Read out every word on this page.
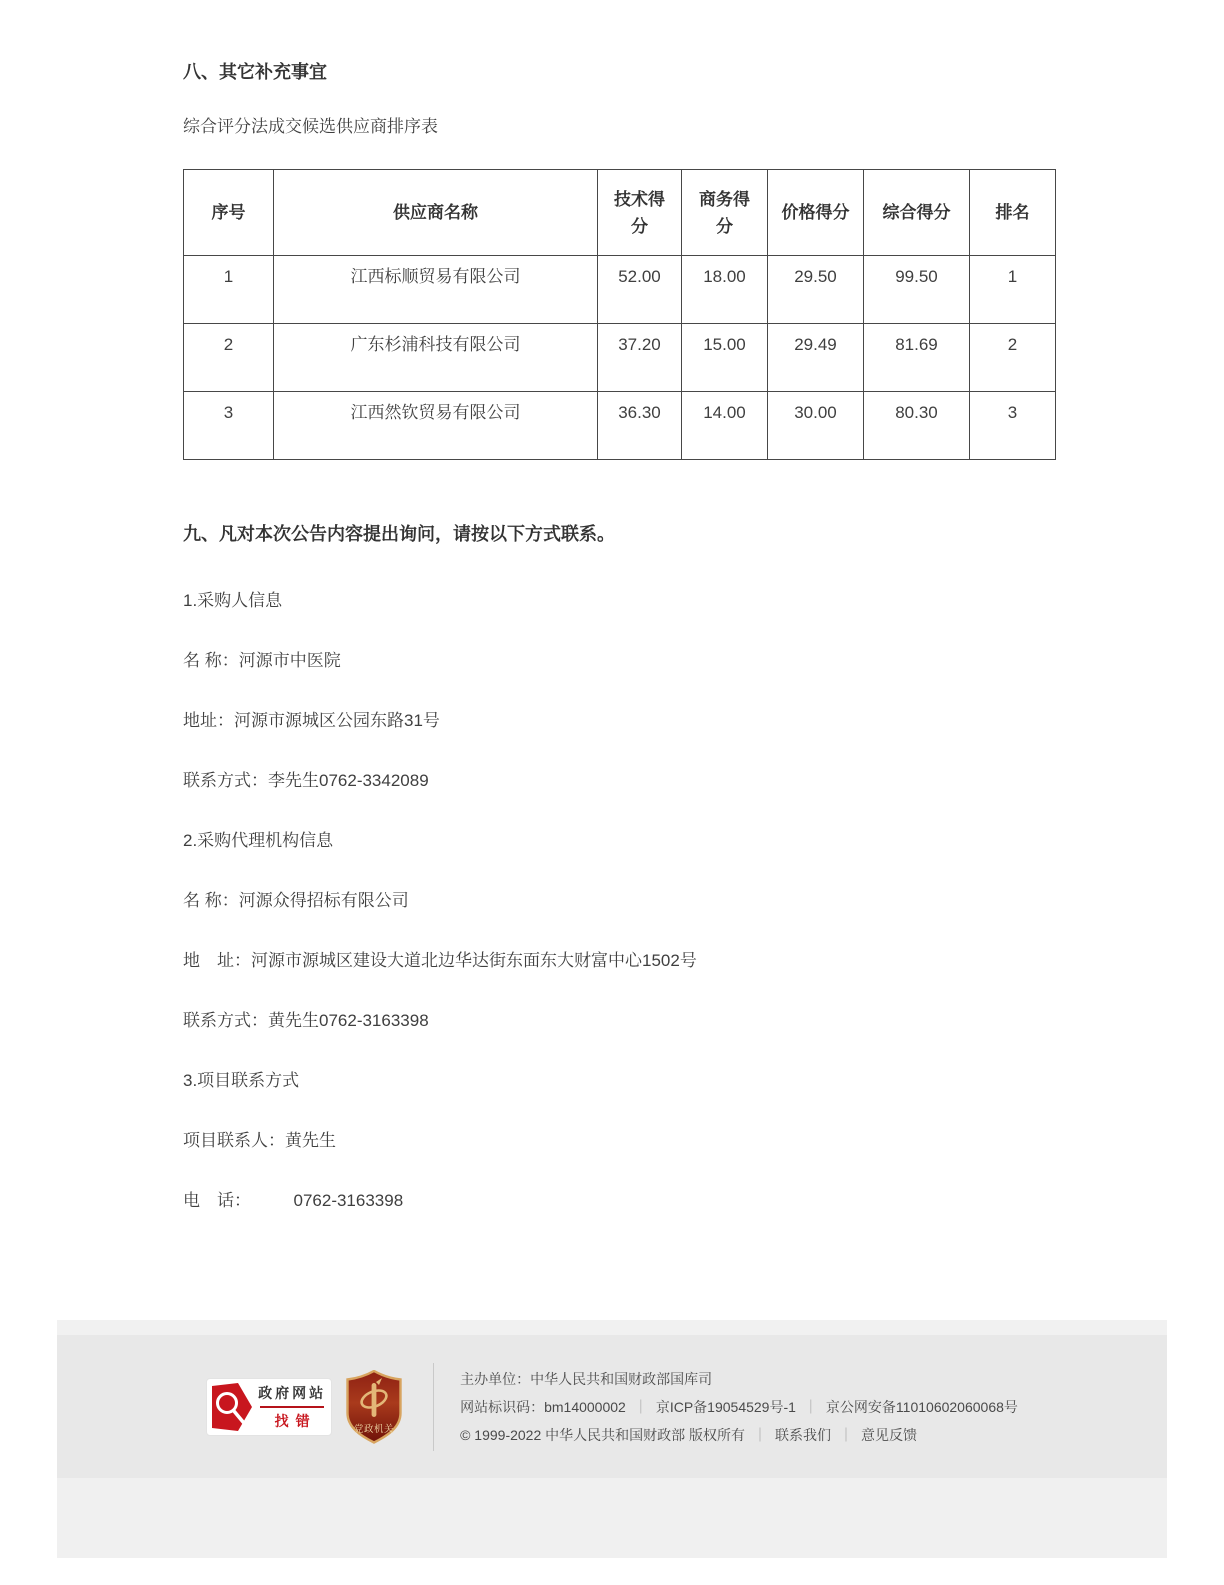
八、其它补充事宜

综合评分法成交候选供应商排序表

序号	供应商名称	技术得分	商务得分	价格得分	综合得分	排名
1	江西标顺贸易有限公司	52.00	18.00	29.50	99.50	1
2	广东杉浦科技有限公司	37.20	15.00	29.49	81.69	2
3	江西然钦贸易有限公司	36.30	14.00	30.00	80.30	3
九、凡对本次公告内容提出询问，请按以下方式联系。

1.采购人信息

名 称：河源市中医院

地址：河源市源城区公园东路31号

联系方式：李先生0762-3342089

2.采购代理机构信息

名 称：河源众得招标有限公司

地　址：河源市源城区建设大道北边华达街东面东大财富中心1502号

联系方式：黄先生0762-3163398

3.项目联系方式

项目联系人：黄先生

电　话：　　　0762-3163398

政府网站
找错
党政机关
主办单位：中华人民共和国财政部国库司
网站标识码：bm14000002 ｜ 京ICP备19054529号-1 ｜ 京公网安备11010602060068号
© 1999-2022 中华人民共和国财政部 版权所有 ｜ 联系我们 ｜ 意见反馈
